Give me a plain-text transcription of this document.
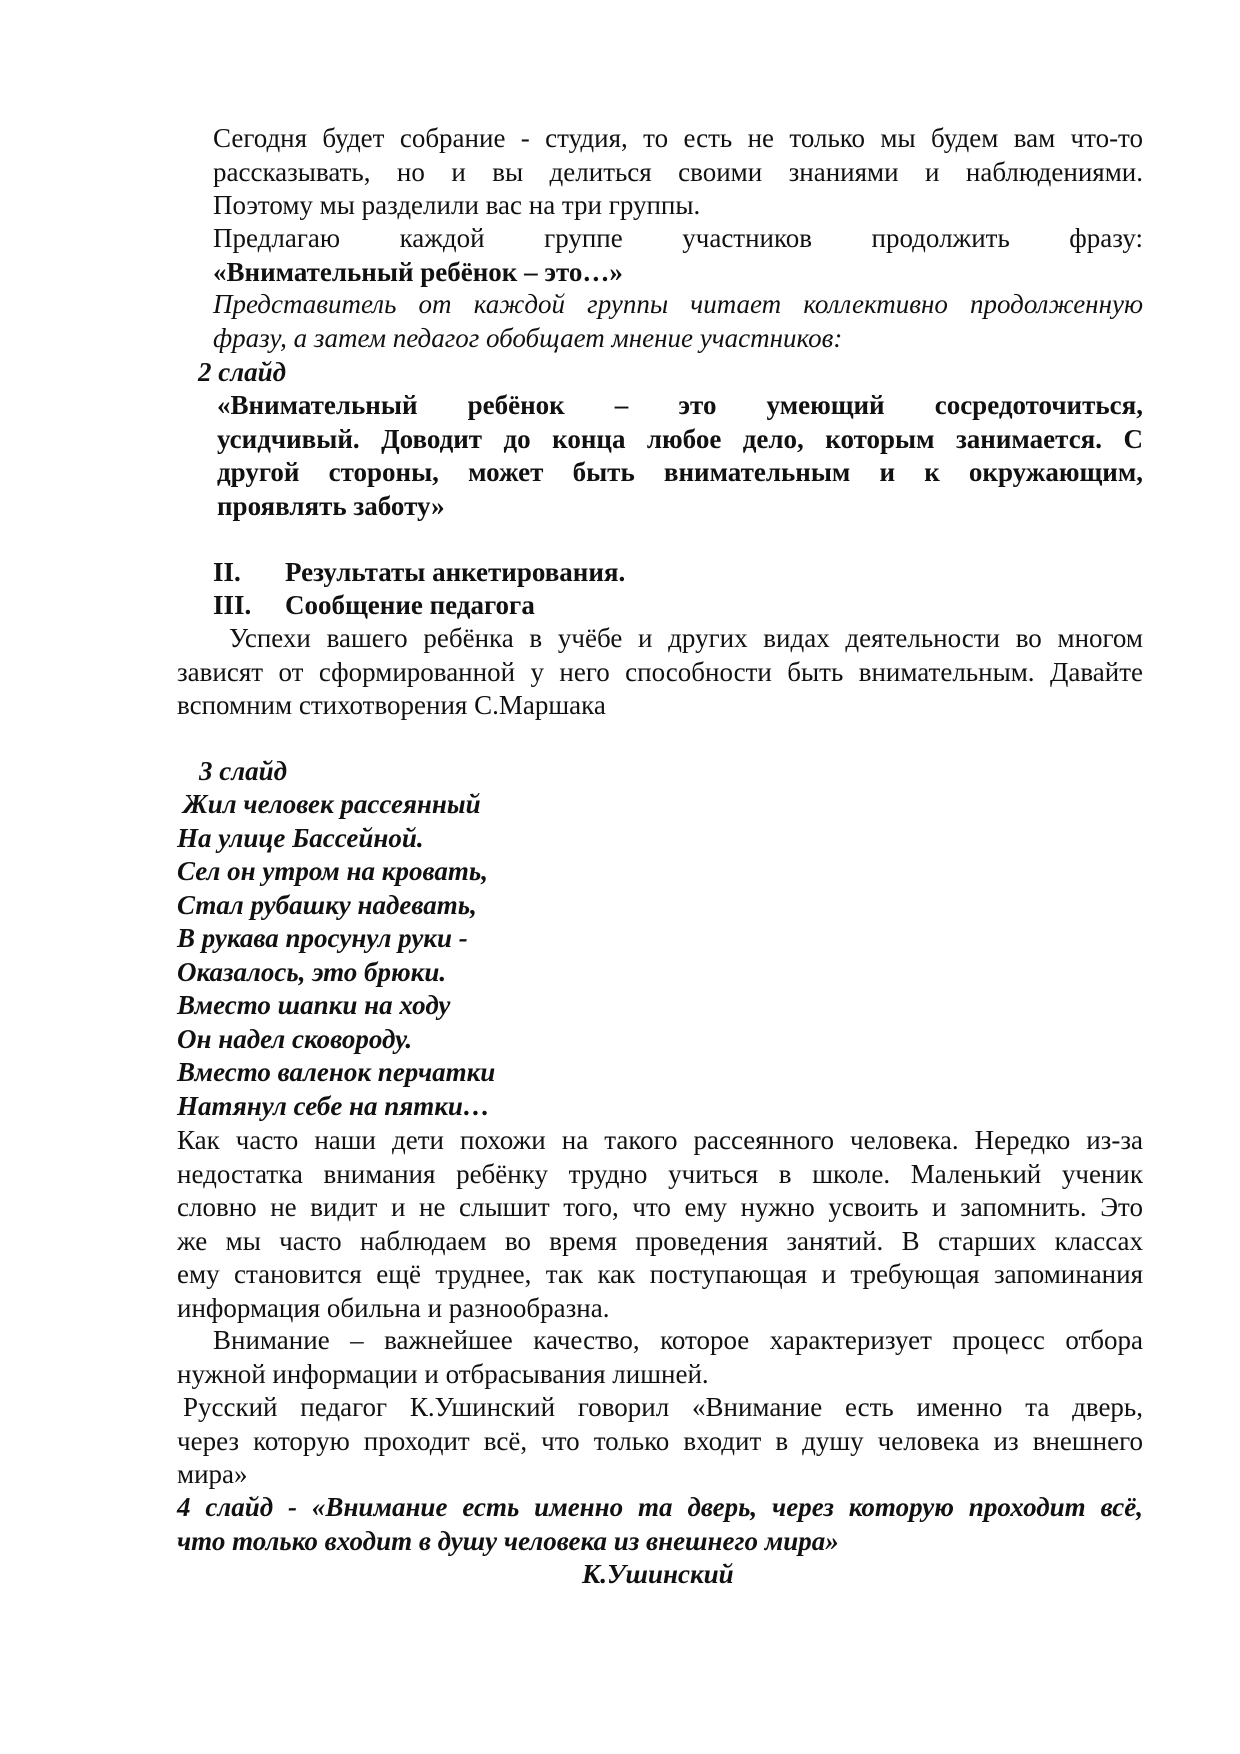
Сегодня будет собрание - студия, то есть не только мы будем вам что-то
рассказывать, но и вы делиться своими знаниями и наблюдениями.
Поэтому мы разделили вас на три группы.
Предлагаю каждой группе участников продолжить фразу:
«Внимательный ребёнок – это…»
Представитель от каждой группы читает коллективно продолженную
фразу, а затем педагог обобщает мнение участников:
2 слайд
«Внимательный ребёнок – это умеющий сосредоточиться,
усидчивый. Доводит до конца любое дело, которым занимается. С
другой стороны, может быть внимательным и к окружающим,
проявлять заботу»
II. Результаты анкетирования.
III. Сообщение педагога
Успехи вашего ребёнка в учёбе и других видах деятельности во многом
зависят от сформированной у него способности быть внимательным. Давайте
вспомним стихотворения С.Маршака
3 слайд
Жил человек рассеянный
На улице Бассейной.
Сел он утром на кровать,
Стал рубашку надевать,
В рукава просунул руки -
Оказалось, это брюки.
Вместо шапки на ходу
Он надел сковороду.
Вместо валенок перчатки
Натянул себе на пятки…
Как часто наши дети похожи на такого рассеянного человека. Нередко из-за
недостатка внимания ребёнку трудно учиться в школе. Маленький ученик
словно не видит и не слышит того, что ему нужно усвоить и запомнить. Это
же мы часто наблюдаем во время проведения занятий. В старших классах
ему становится ещё труднее, так как поступающая и требующая запоминания
информация обильна и разнообразна.
Внимание – важнейшее качество, которое характеризует процесс отбора
нужной информации и отбрасывания лишней.
Русский педагог К.Ушинский говорил «Внимание есть именно та дверь,
через которую проходит всё, что только входит в душу человека из внешнего
мира»
4 слайд - «Внимание есть именно та дверь, через которую проходит всё,
что только входит в душу человека из внешнего мира»
К.Ушинский
